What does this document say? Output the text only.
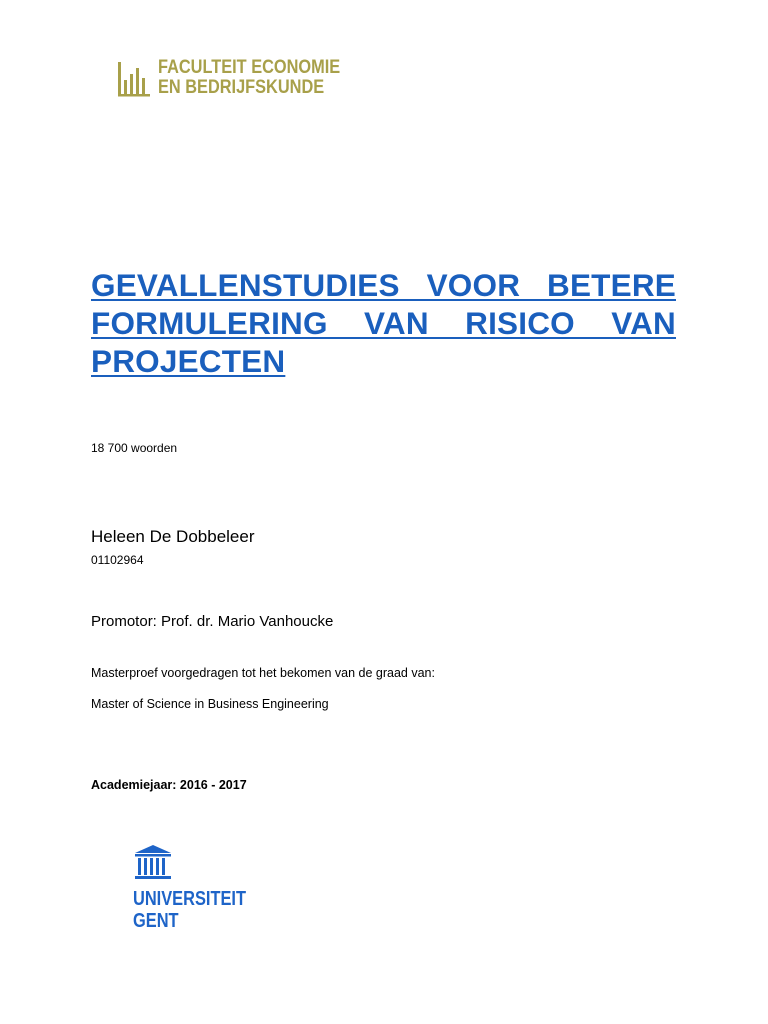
FACULTEIT ECONOMIE
EN BEDRIJFSKUNDE

GEVALLENSTUDIES VOOR BETERE FORMULERING VAN RISICO VAN PROJECTEN

18 700 woorden
Heleen De Dobbeleer
01102964
Promotor: Prof. dr. Mario Vanhoucke
Masterproef voorgedragen tot het bekomen van de graad van:
Master of Science in Business Engineering
Academiejaar: 2016 - 2017
UNIVERSITEIT
GENT
